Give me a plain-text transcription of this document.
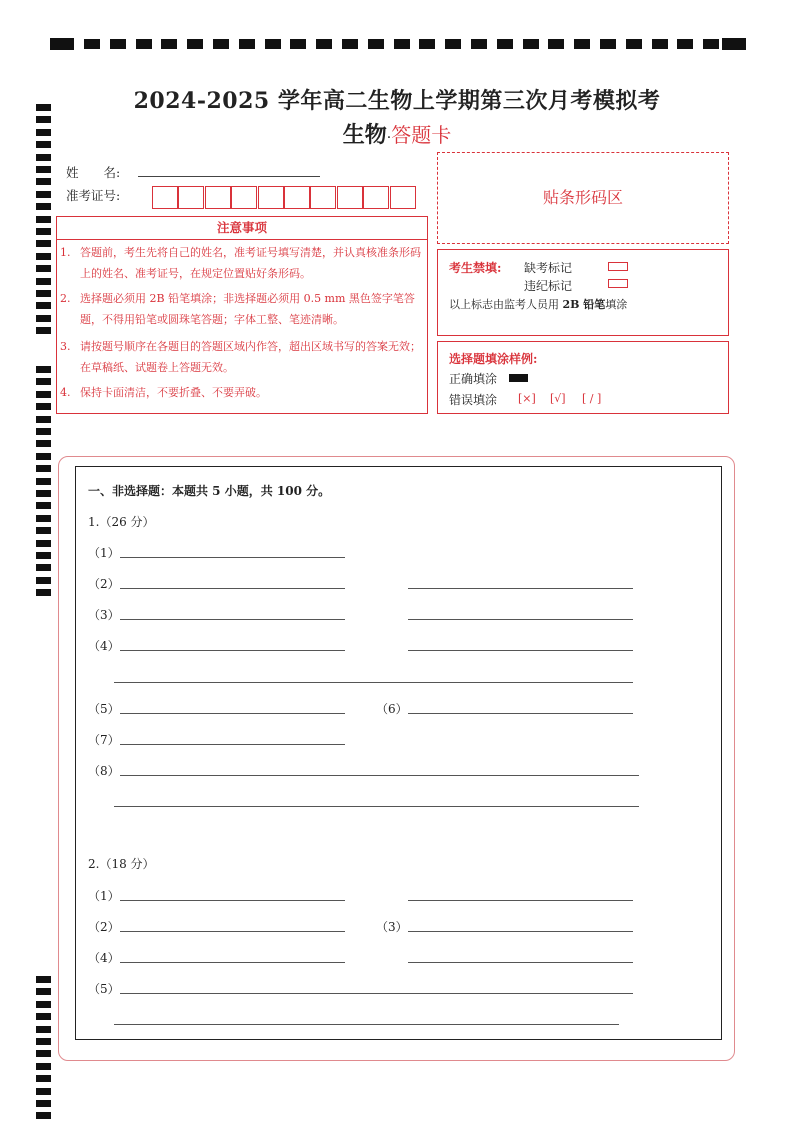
2024-2025 学年高二生物上学期第三次月考模拟考
生物·答题卡
姓　　名:
准考证号:	贴条形码区
注意事项
1. 答题前，考生先将自己的姓名，准考证号填写清楚，并认真核准条形码上的姓名、准考证号，在规定位置贴好条形码。
2. 选择题必须用 2B 铅笔填涂；非选择题必须用 0.5 mm 黑色签字笔答题，不得用铅笔或圆珠笔答题；字体工整、笔迹清晰。
3. 请按题号顺序在各题目的答题区域内作答，超出区域书写的答案无效；在草稿纸、试题卷上答题无效。
4. 保持卡面清洁，不要折叠、不要弄破。
考生禁填: 缺考标记
违纪标记
以上标志由监考人员用 2B 铅笔填涂
选择题填涂样例:
正确填涂
错误填涂 [×] [√] [ / ]
一、非选择题：本题共 5 小题，共 100 分。
1.（26 分）
（1）
（2）
（3）
（4）
（5）	（6）
（7）
（8）
2.（18 分）
（1）
（2）	（3）
（4）
（5）
